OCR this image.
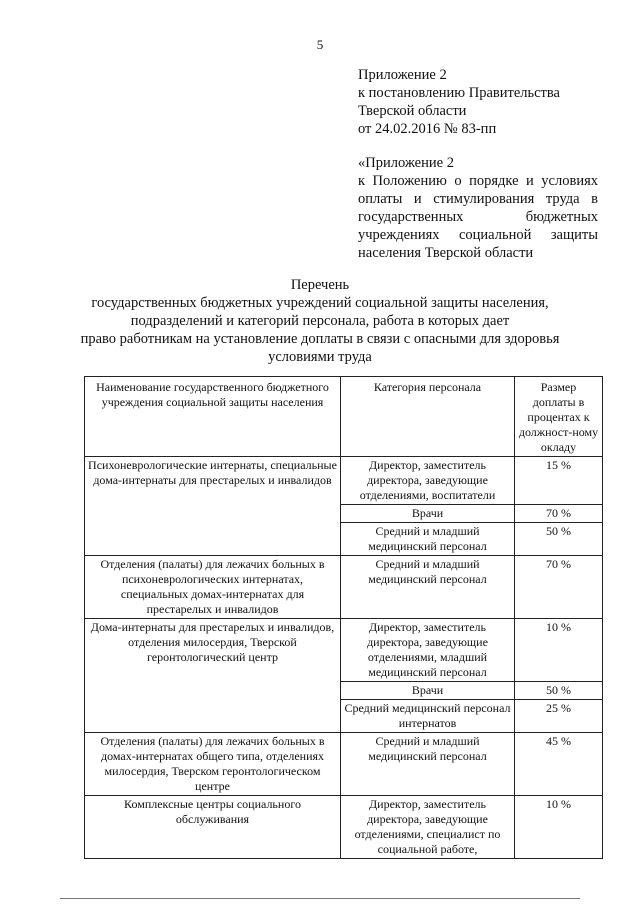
5
Приложение 2
к постановлению Правительства
Тверской области
от 24.02.2016 № 83-пп
«Приложение 2
к Положению о порядке и условиях
оплаты и стимулирования труда в
государственных бюджетных
учреждениях социальной защиты
населения Тверской области
Перечень
государственных бюджетных учреждений социальной защиты населения,
подразделений и категорий персонала, работа в которых дает
право работникам на установление доплаты в связи с опасными для здоровья
условиями труда
Наименование государственного бюджетного учреждения социальной защиты населения	Категория персонала	Размер доплаты в процентах к должност-ному окладу
Психоневрологические интернаты, специальные дома-интернаты для престарелых и инвалидов	Директор, заместитель директора, заведующие отделениями, воспитатели	15 %
	Врачи	70 %
	Средний и младший медицинский персонал	50 %
Отделения (палаты) для лежачих больных в психоневрологических интернатах, специальных домах-интернатах для престарелых и инвалидов	Средний и младший медицинский персонал	70 %
Дома-интернаты для престарелых и инвалидов, отделения милосердия, Тверской геронтологический центр	Директор, заместитель директора, заведующие отделениями, младший медицинский персонал	10 %
	Врачи	50 %
	Средний медицинский персонал интернатов	25 %
Отделения (палаты) для лежачих больных в домах-интернатах общего типа, отделениях милосердия, Тверском геронтологическом центре	Средний и младший медицинский персонал	45 %
Комплексные центры социального обслуживания	Директор, заместитель директора, заведующие отделениями, специалист по социальной работе,	10 %
